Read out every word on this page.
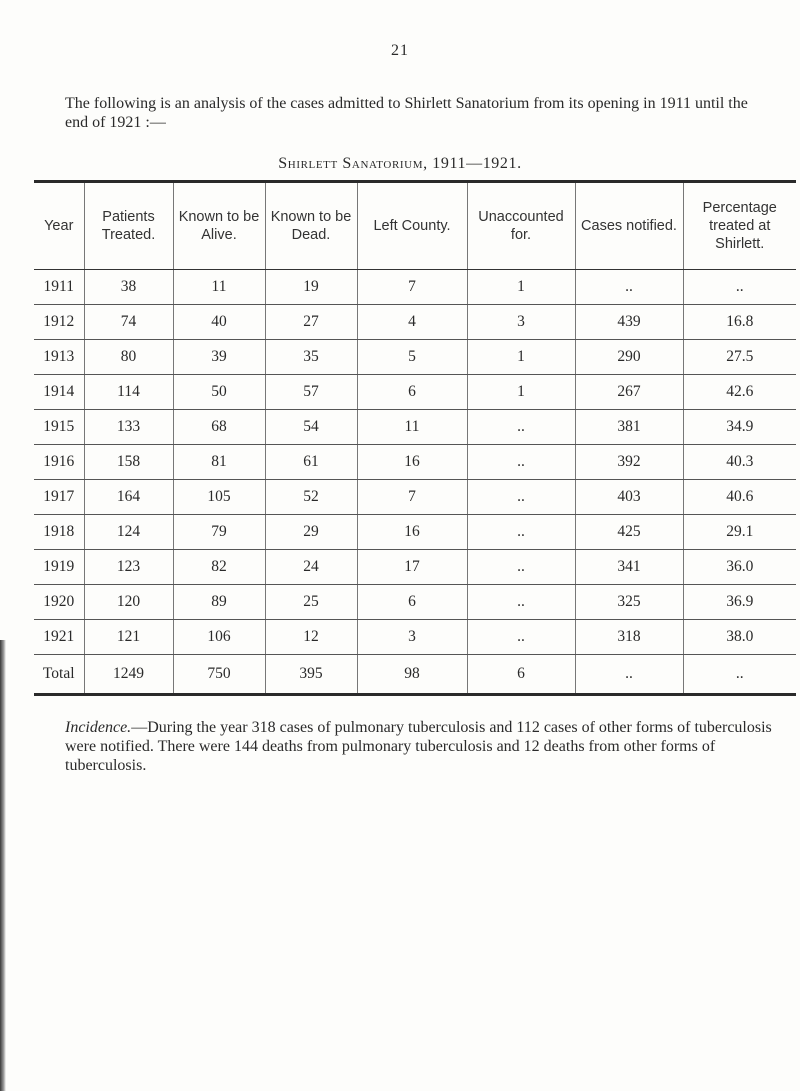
21

The following is an analysis of the cases admitted to Shirlett Sanatorium from its opening in 1911 until the end of 1921 :—

Shirlett Sanatorium, 1911—1921.
Year	Patients Treated.	Known to be Alive.	Known to be Dead.	Left County.	Unaccounted for.	Cases notified.	Percentage treated at Shirlett.
1911	38	11	19	7	1	..	..
1912	74	40	27	4	3	439	16.8
1913	80	39	35	5	1	290	27.5
1914	114	50	57	6	1	267	42.6
1915	133	68	54	11	..	381	34.9
1916	158	81	61	16	..	392	40.3
1917	164	105	52	7	..	403	40.6
1918	124	79	29	16	..	425	29.1
1919	123	82	24	17	..	341	36.0
1920	120	89	25	6	..	325	36.9
1921	121	106	12	3	..	318	38.0
Total	1249	750	395	98	6	..	..

Incidence.—During the year 318 cases of pulmonary tuberculosis and 112 cases of other forms of tuberculosis were notified. There were 144 deaths from pulmonary tuberculosis and 12 deaths from other forms of tuberculosis.
